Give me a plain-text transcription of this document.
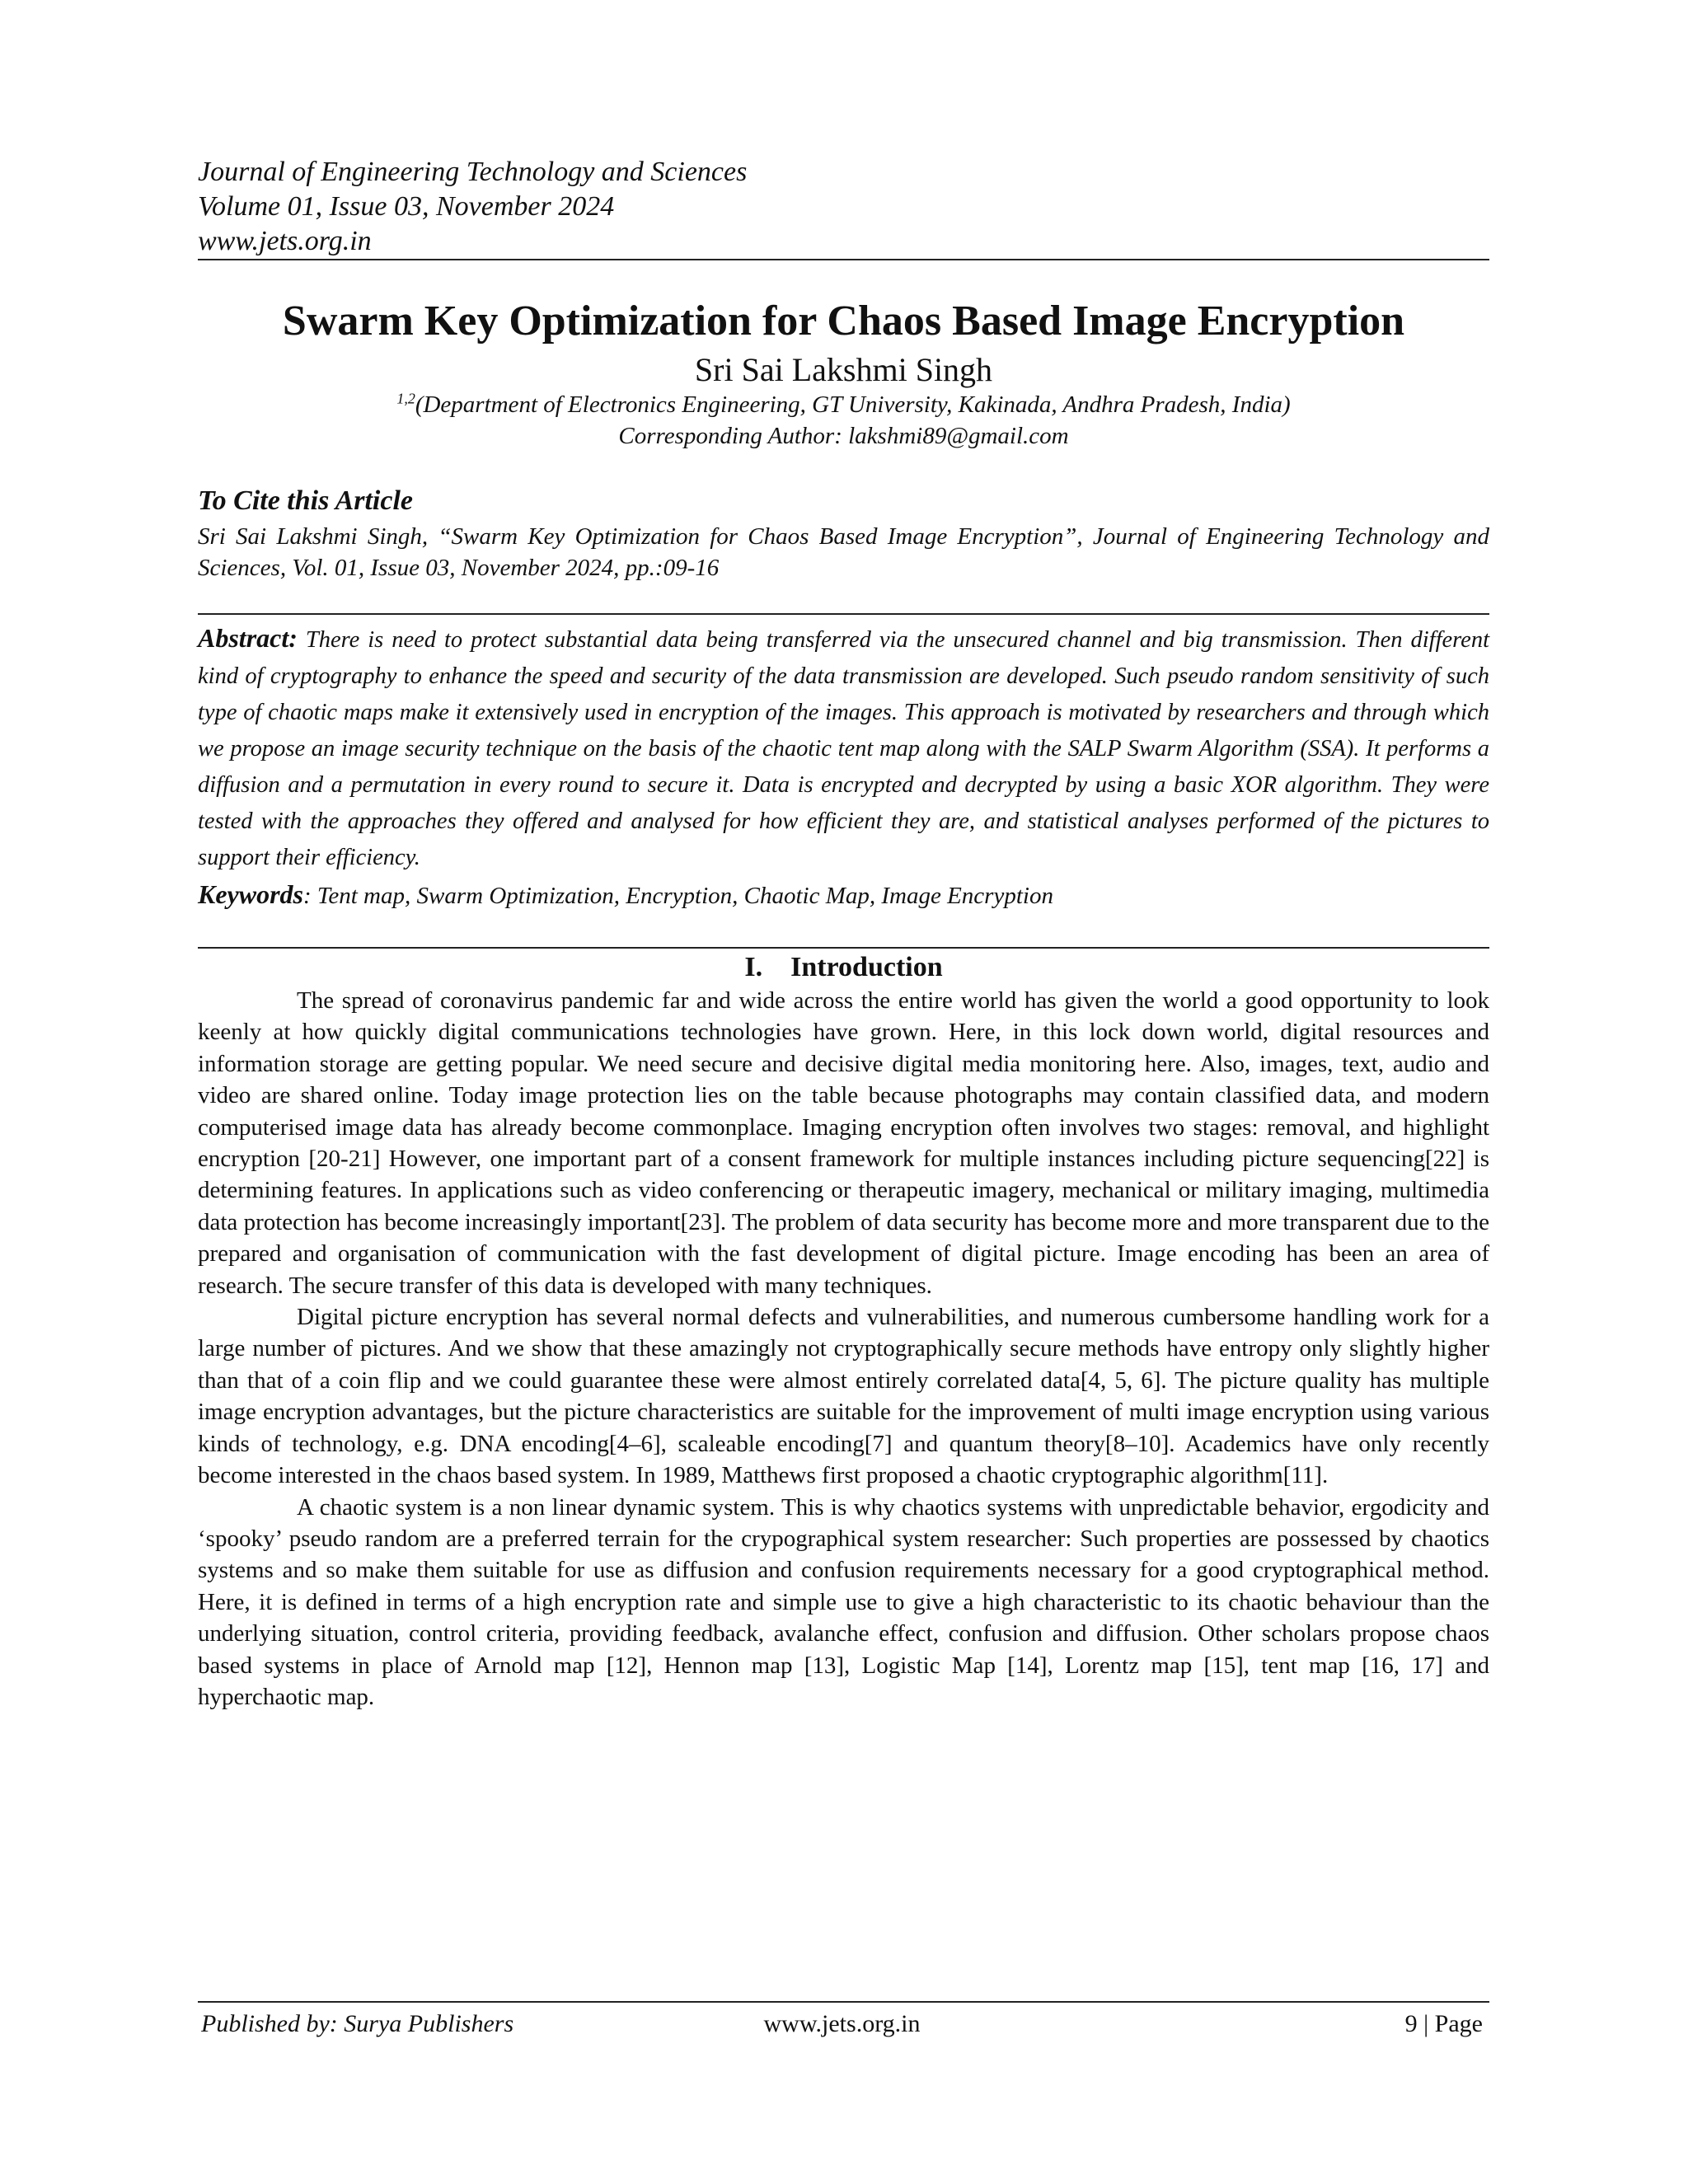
Journal of Engineering Technology and Sciences

Volume 01, Issue 03, November 2024

www.jets.org.in

Swarm Key Optimization for Chaos Based Image Encryption

Sri Sai Lakshmi Singh

$^{1,2}$(Department of Electronics Engineering, GT University, Kakinada, Andhra Pradesh, India)

Corresponding Author: lakshmi89@gmail.com

To Cite this Article

Sri Sai Lakshmi Singh, “Swarm Key Optimization for Chaos Based Image Encryption”, Journal of Engineering Technology and Sciences, Vol. 01, Issue 03, November 2024, pp.:09-16

Abstract: There is need to protect substantial data being transferred via the unsecured channel and big transmission. Then different kind of cryptography to enhance the speed and security of the data transmission are developed. Such pseudo random sensitivity of such type of chaotic maps make it extensively used in encryption of the images. This approach is motivated by researchers and through which we propose an image security technique on the basis of the chaotic tent map along with the SALP Swarm Algorithm (SSA). It performs a diffusion and a permutation in every round to secure it. Data is encrypted and decrypted by using a basic XOR algorithm. They were tested with the approaches they offered and analysed for how efficient they are, and statistical analyses performed of the pictures to support their efficiency.

Keywords: Tent map, Swarm Optimization, Encryption, Chaotic Map, Image Encryption

I.    Introduction

The spread of coronavirus pandemic far and wide across the entire world has given the world a good opportunity to look keenly at how quickly digital communications technologies have grown. Here, in this lock down world, digital resources and information storage are getting popular. We need secure and decisive digital media monitoring here. Also, images, text, audio and video are shared online. Today image protection lies on the table because photographs may contain classified data, and modern computerised image data has already become commonplace. Imaging encryption often involves two stages: removal, and highlight encryption [20-21] However, one important part of a consent framework for multiple instances including picture sequencing[22] is determining features. In applications such as video conferencing or therapeutic imagery, mechanical or military imaging, multimedia data protection has become increasingly important[23]. The problem of data security has become more and more transparent due to the prepared and organisation of communication with the fast development of digital picture. Image encoding has been an area of research. The secure transfer of this data is developed with many techniques.

Digital picture encryption has several normal defects and vulnerabilities, and numerous cumbersome handling work for a large number of pictures. And we show that these amazingly not cryptographically secure methods have entropy only slightly higher than that of a coin flip and we could guarantee these were almost entirely correlated data[4, 5, 6]. The picture quality has multiple image encryption advantages, but the picture characteristics are suitable for the improvement of multi image encryption using various kinds of technology, e.g. DNA encoding[4–6], scaleable encoding[7] and quantum theory[8–10]. Academics have only recently become interested in the chaos based system. In 1989, Matthews first proposed a chaotic cryptographic algorithm[11].

A chaotic system is a non linear dynamic system. This is why chaotics systems with unpredictable behavior, ergodicity and ‘spooky’ pseudo random are a preferred terrain for the crypographical system researcher: Such properties are possessed by chaotics systems and so make them suitable for use as diffusion and confusion requirements necessary for a good cryptographical method. Here, it is defined in terms of a high encryption rate and simple use to give a high characteristic to its chaotic behaviour than the underlying situation, control criteria, providing feedback, avalanche effect, confusion and diffusion. Other scholars propose chaos based systems in place of Arnold map [12], Hennon map [13], Logistic Map [14], Lorentz map [15], tent map [16, 17] and hyperchaotic map.

Published by: Surya Publishers	www.jets.org.in	9 | Page
